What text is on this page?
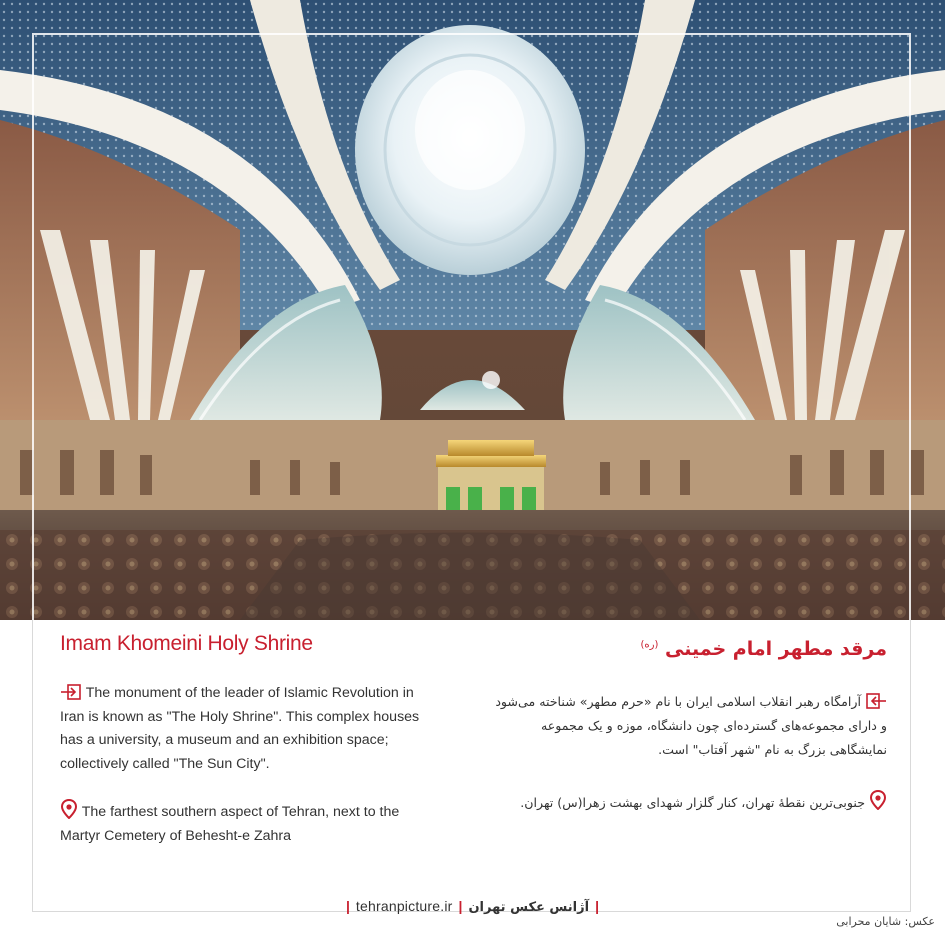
Imam Khomeini Holy Shrine	مرقد مطهر امام خمینی $^{(ره)}$
The monument of the leader of Islamic Revolution in Iran is known as "The Holy Shrine". This complex houses has a university, a museum and an exhibition space; collectively called "The Sun City".
The farthest southern aspect of Tehran, next to the Martyr Cemetery of Behesht-e Zahra
آرامگاه رهبر انقلاب اسلامی ایران با نام «حرم مطهر» شناخته می‌شود و دارای مجموعه‌های گسترده‌ای چون دانشگاه، موزه و یک مجموعه نمایشگاهی بزرگ به نام "شهر آفتاب" است.
جنوبی‌ترین نقطهٔ تهران، کنار گلزار شهدای بهشت زهرا(س) تهران.
| tehranpicture.ir | آژانس عکس تهران |
عکس: شایان محرابی
